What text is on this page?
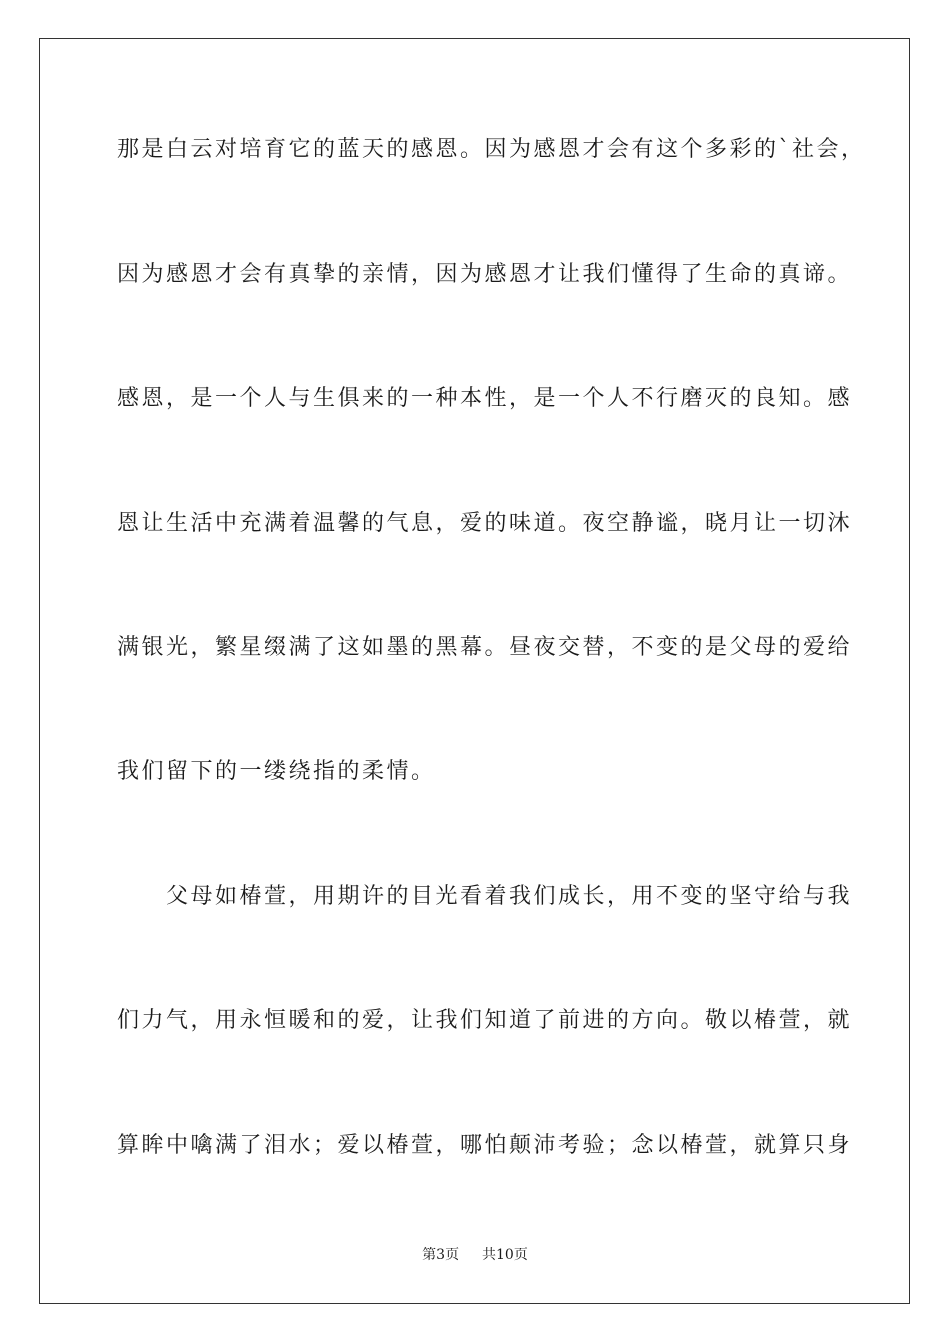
那是白云对培育它的蓝天的感恩。因为感恩才会有这个多彩的`社会，
因为感恩才会有真挚的亲情，因为感恩才让我们懂得了生命的真谛。
感恩，是一个人与生俱来的一种本性，是一个人不行磨灭的良知。感
恩让生活中充满着温馨的气息，爱的味道。夜空静谧，晓月让一切沐
满银光，繁星缀满了这如墨的黑幕。昼夜交替，不变的是父母的爱给
我们留下的一缕绕指的柔情。
　　父母如椿萱，用期许的目光看着我们成长，用不变的坚守给与我
们力气，用永恒暖和的爱，让我们知道了前进的方向。敬以椿萱，就
算眸中噙满了泪水；爱以椿萱，哪怕颠沛考验；念以椿萱，就算只身
第3页 共10页
